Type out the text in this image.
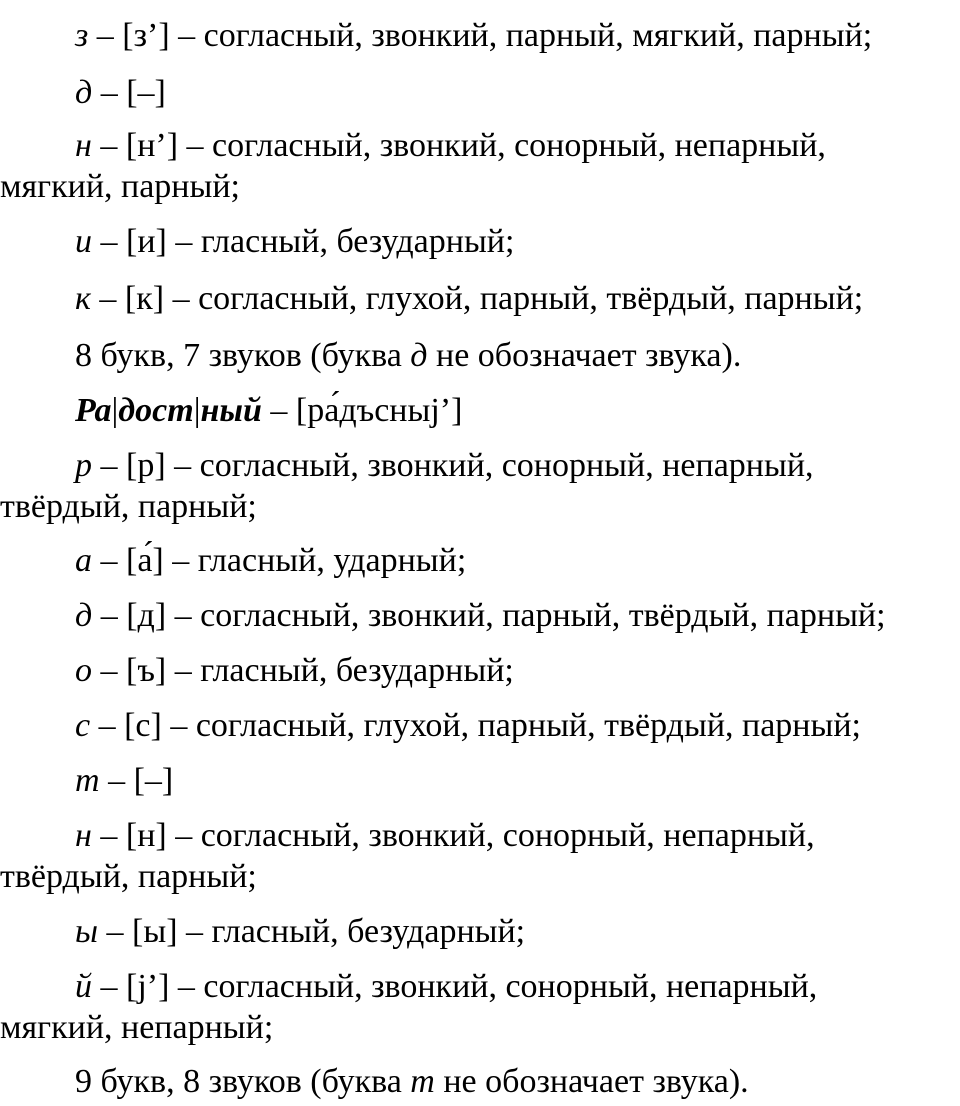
з – [з’] – согласный, звонкий, парный, мягкий, парный;
д – [–]
н – [н’] – согласный, звонкий, сонорный, непарный,
мягкий, парный;
и – [и] – гласный, безударный;
к – [к] – согласный, глухой, парный, твёрдый, парный;
8 букв, 7 звуков (буква д не обозначает звука).
Ра|дост|ный – [ра́дъсныj’]
р – [р] – согласный, звонкий, сонорный, непарный,
твёрдый, парный;
а – [а́] – гласный, ударный;
д – [д] – согласный, звонкий, парный, твёрдый, парный;
о – [ъ] – гласный, безударный;
с – [с] – согласный, глухой, парный, твёрдый, парный;
т – [–]
н – [н] – согласный, звонкий, сонорный, непарный,
твёрдый, парный;
ы – [ы] – гласный, безударный;
й – [j’] – согласный, звонкий, сонорный, непарный,
мягкий, непарный;
9 букв, 8 звуков (буква т не обозначает звука).
